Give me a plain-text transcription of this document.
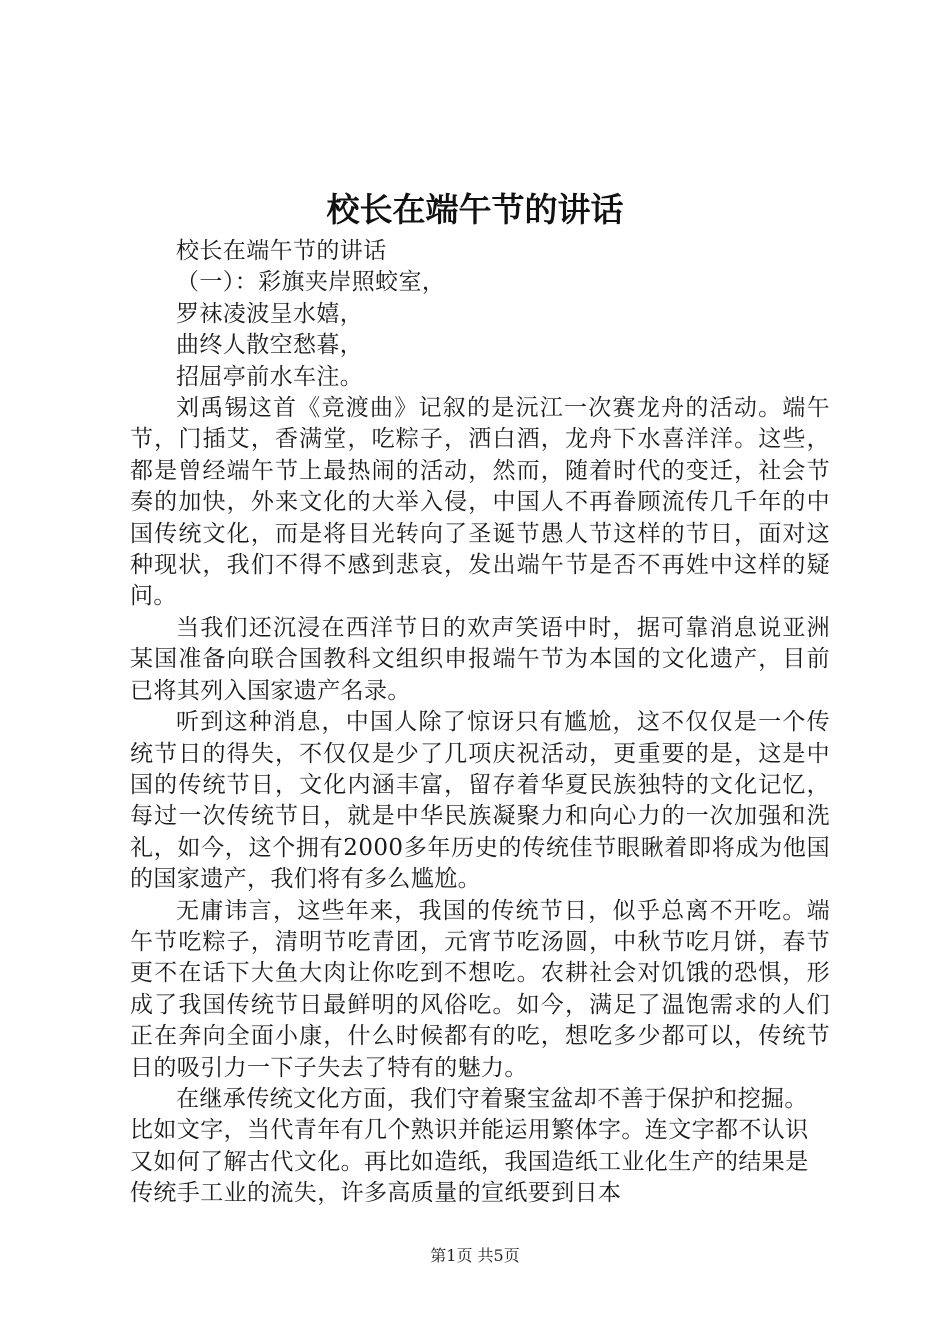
校长在端午节的讲话

校长在端午节的讲话

（一）：彩旗夹岸照蛟室，

罗袜凌波呈水嬉，

曲终人散空愁暮，

招屈亭前水车注。

刘禹锡这首《竞渡曲》记叙的是沅江一次赛龙舟的活动。端午节，门插艾，香满堂，吃粽子，洒白酒，龙舟下水喜洋洋。这些，都是曾经端午节上最热闹的活动，然而，随着时代的变迁，社会节奏的加快，外来文化的大举入侵，中国人不再眷顾流传几千年的中国传统文化，而是将目光转向了圣诞节愚人节这样的节日，面对这种现状，我们不得不感到悲哀，发出端午节是否不再姓中这样的疑问。

当我们还沉浸在西洋节日的欢声笑语中时，据可靠消息说亚洲某国准备向联合国教科文组织申报端午节为本国的文化遗产，目前已将其列入国家遗产名录。

听到这种消息，中国人除了惊讶只有尴尬，这不仅仅是一个传统节日的得失，不仅仅是少了几项庆祝活动，更重要的是，这是中国的传统节日，文化内涵丰富，留存着华夏民族独特的文化记忆，每过一次传统节日，就是中华民族凝聚力和向心力的一次加强和洗礼，如今，这个拥有2000多年历史的传统佳节眼瞅着即将成为他国的国家遗产，我们将有多么尴尬。

无庸讳言，这些年来，我国的传统节日，似乎总离不开吃。端午节吃粽子，清明节吃青团，元宵节吃汤圆，中秋节吃月饼，春节更不在话下大鱼大肉让你吃到不想吃。农耕社会对饥饿的恐惧，形成了我国传统节日最鲜明的风俗吃。如今，满足了温饱需求的人们正在奔向全面小康，什么时候都有的吃，想吃多少都可以，传统节日的吸引力一下子失去了特有的魅力。

在继承传统文化方面，我们守着聚宝盆却不善于保护和挖掘。比如文字，当代青年有几个熟识并能运用繁体字。连文字都不认识又如何了解古代文化。再比如造纸，我国造纸工业化生产的结果是传统手工业的流失，许多高质量的宣纸要到日本

第1页 共5页
